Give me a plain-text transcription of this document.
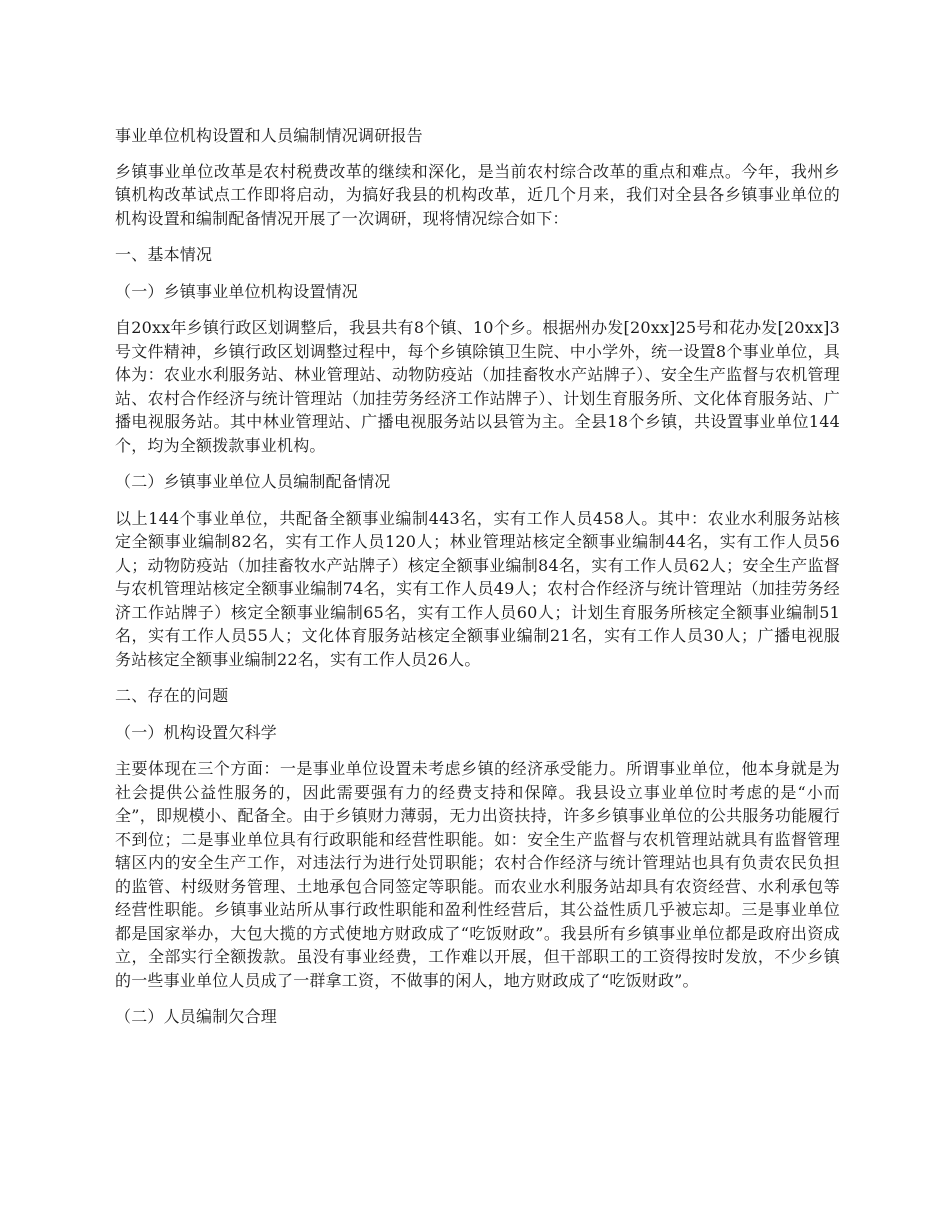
事业单位机构设置和人员编制情况调研报告

乡镇事业单位改革是农村税费改革的继续和深化，是当前农村综合改革的重点和难点。今年，我州乡镇机构改革试点工作即将启动，为搞好我县的机构改革，近几个月来，我们对全县各乡镇事业单位的机构设置和编制配备情况开展了一次调研，现将情况综合如下：

一、基本情况

（一）乡镇事业单位机构设置情况

自20xx年乡镇行政区划调整后，我县共有8个镇、10个乡。根据州办发[20xx]25号和花办发[20xx]3号文件精神，乡镇行政区划调整过程中，每个乡镇除镇卫生院、中小学外，统一设置8个事业单位，具体为：农业水利服务站、林业管理站、动物防疫站（加挂畜牧水产站牌子）、安全生产监督与农机管理站、农村合作经济与统计管理站（加挂劳务经济工作站牌子）、计划生育服务所、文化体育服务站、广播电视服务站。其中林业管理站、广播电视服务站以县管为主。全县18个乡镇，共设置事业单位144个，均为全额拨款事业机构。

（二）乡镇事业单位人员编制配备情况

以上144个事业单位，共配备全额事业编制443名，实有工作人员458人。其中：农业水利服务站核定全额事业编制82名，实有工作人员120人；林业管理站核定全额事业编制44名，实有工作人员56人；动物防疫站（加挂畜牧水产站牌子）核定全额事业编制84名，实有工作人员62人；安全生产监督与农机管理站核定全额事业编制74名，实有工作人员49人；农村合作经济与统计管理站（加挂劳务经济工作站牌子）核定全额事业编制65名，实有工作人员60人；计划生育服务所核定全额事业编制51名，实有工作人员55人；文化体育服务站核定全额事业编制21名，实有工作人员30人；广播电视服务站核定全额事业编制22名，实有工作人员26人。

二、存在的问题

（一）机构设置欠科学

主要体现在三个方面：一是事业单位设置未考虑乡镇的经济承受能力。所谓事业单位，他本身就是为社会提供公益性服务的，因此需要强有力的经费支持和保障。我县设立事业单位时考虑的是“小而全”，即规模小、配备全。由于乡镇财力薄弱，无力出资扶持，许多乡镇事业单位的公共服务功能履行不到位；二是事业单位具有行政职能和经营性职能。如：安全生产监督与农机管理站就具有监督管理辖区内的安全生产工作，对违法行为进行处罚职能；农村合作经济与统计管理站也具有负责农民负担的监管、村级财务管理、土地承包合同签定等职能。而农业水利服务站却具有农资经营、水利承包等经营性职能。乡镇事业站所从事行政性职能和盈利性经营后，其公益性质几乎被忘却。三是事业单位都是国家举办，大包大揽的方式使地方财政成了“吃饭财政”。我县所有乡镇事业单位都是政府出资成立，全部实行全额拨款。虽没有事业经费，工作难以开展，但干部职工的工资得按时发放，不少乡镇的一些事业单位人员成了一群拿工资，不做事的闲人，地方财政成了“吃饭财政”。

（二）人员编制欠合理
